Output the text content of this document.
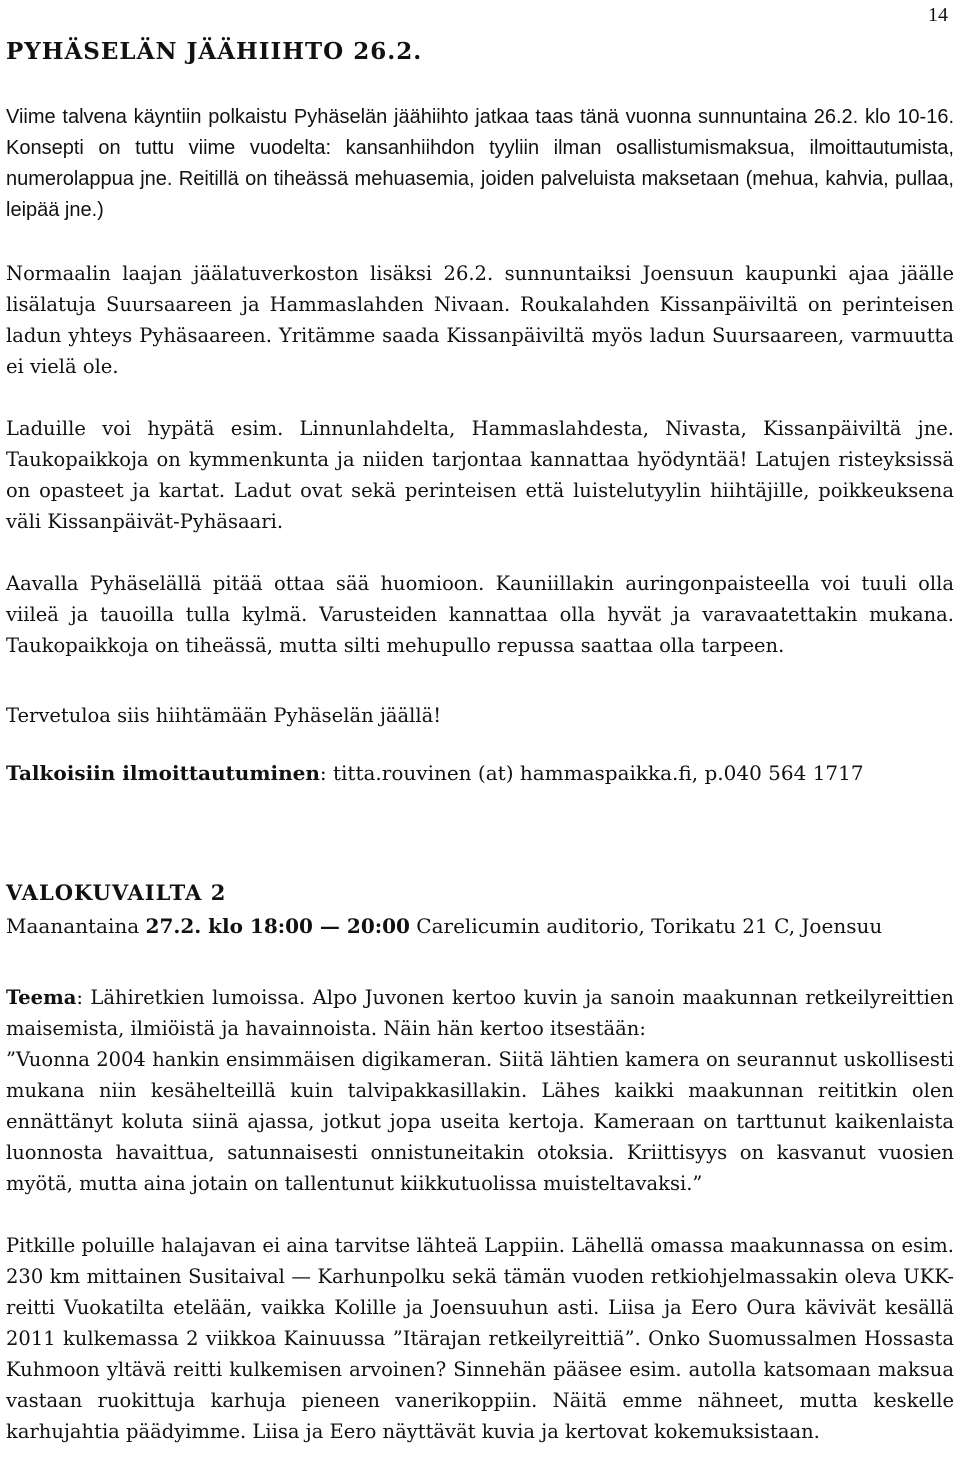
14
PYHÄSELÄN JÄÄHIIHTO 26.2.

Viime talvena käyntiin polkaistu Pyhäselän jäähiihto jatkaa taas tänä vuonna sunnuntaina 26.2. klo 10-16. Konsepti on tuttu viime vuodelta: kansanhiihdon tyyliin ilman osallistumismaksua, ilmoittautumista, numerolappua jne. Reitillä on tiheässä mehuasemia, joiden palveluista maksetaan (mehua, kahvia, pullaa, leipää jne.)

Normaalin laajan jäälatuverkoston lisäksi 26.2. sunnuntaiksi Joensuun kaupunki ajaa jäälle lisälatuja Suursaareen ja Hammaslahden Nivaan. Roukalahden Kissanpäiviltä on perinteisen ladun yhteys Pyhäsaareen. Yritämme saada Kissanpäiviltä myös ladun Suursaareen, varmuutta ei vielä ole.

Laduille voi hypätä esim. Linnunlahdelta, Hammaslahdesta, Nivasta, Kissanpäiviltä jne. Taukopaikkoja on kymmenkunta ja niiden tarjontaa kannattaa hyödyntää! Latujen risteyksissä on opasteet ja kartat. Ladut ovat sekä perinteisen että luistelutyylin hiihtäjille, poikkeuksena väli Kissanpäivät-Pyhäsaari.

Aavalla Pyhäselällä pitää ottaa sää huomioon. Kauniillakin auringonpaisteella voi tuuli olla viileä ja tauoilla tulla kylmä. Varusteiden kannattaa olla hyvät ja varavaatettakin mukana. Taukopaikkoja on tiheässä, mutta silti mehupullo repussa saattaa olla tarpeen.

Tervetuloa siis hiihtämään Pyhäselän jäällä!

Talkoisiin ilmoittautuminen: titta.rouvinen (at) hammaspaikka.fi, p.040 564 1717

VALOKUVAILTA 2
Maanantaina 27.2. klo 18:00 — 20:00 Carelicumin auditorio, Torikatu 21 C, Joensuu

Teema: Lähiretkien lumoissa. Alpo Juvonen kertoo kuvin ja sanoin maakunnan retkeilyreittien maisemista, ilmiöistä ja havainnoista. Näin hän kertoo itsestään:
”Vuonna 2004 hankin ensimmäisen digikameran. Siitä lähtien kamera on seurannut uskollisesti mukana niin kesähelteillä kuin talvipakkasillakin. Lähes kaikki maakunnan reititkin olen ennättänyt koluta siinä ajassa, jotkut jopa useita kertoja. Kameraan on tarttunut kaikenlaista luonnosta havaittua, satunnaisesti onnistuneitakin otoksia. Kriittisyys on kasvanut vuosien myötä, mutta aina jotain on tallentunut kiikkutuolissa muisteltavaksi.”

Pitkille poluille halajavan ei aina tarvitse lähteä Lappiin. Lähellä omassa maakunnassa on esim. 230 km mittainen Susitaival — Karhunpolku sekä tämän vuoden retkiohjelmassakin oleva UKK-reitti Vuokatilta etelään, vaikka Kolille ja Joensuuhun asti. Liisa ja Eero Oura kävivät kesällä 2011 kulkemassa 2 viikkoa Kainuussa ”Itärajan retkeilyreittiä”. Onko Suomussalmen Hossasta Kuhmoon yltävä reitti kulkemisen arvoinen? Sinnehän pääsee esim. autolla katsomaan maksua vastaan ruokittuja karhuja pieneen vanerikoppiin. Näitä emme nähneet, mutta keskelle karhujahtia päädyimme. Liisa ja Eero näyttävät kuvia ja kertovat kokemuksistaan.
